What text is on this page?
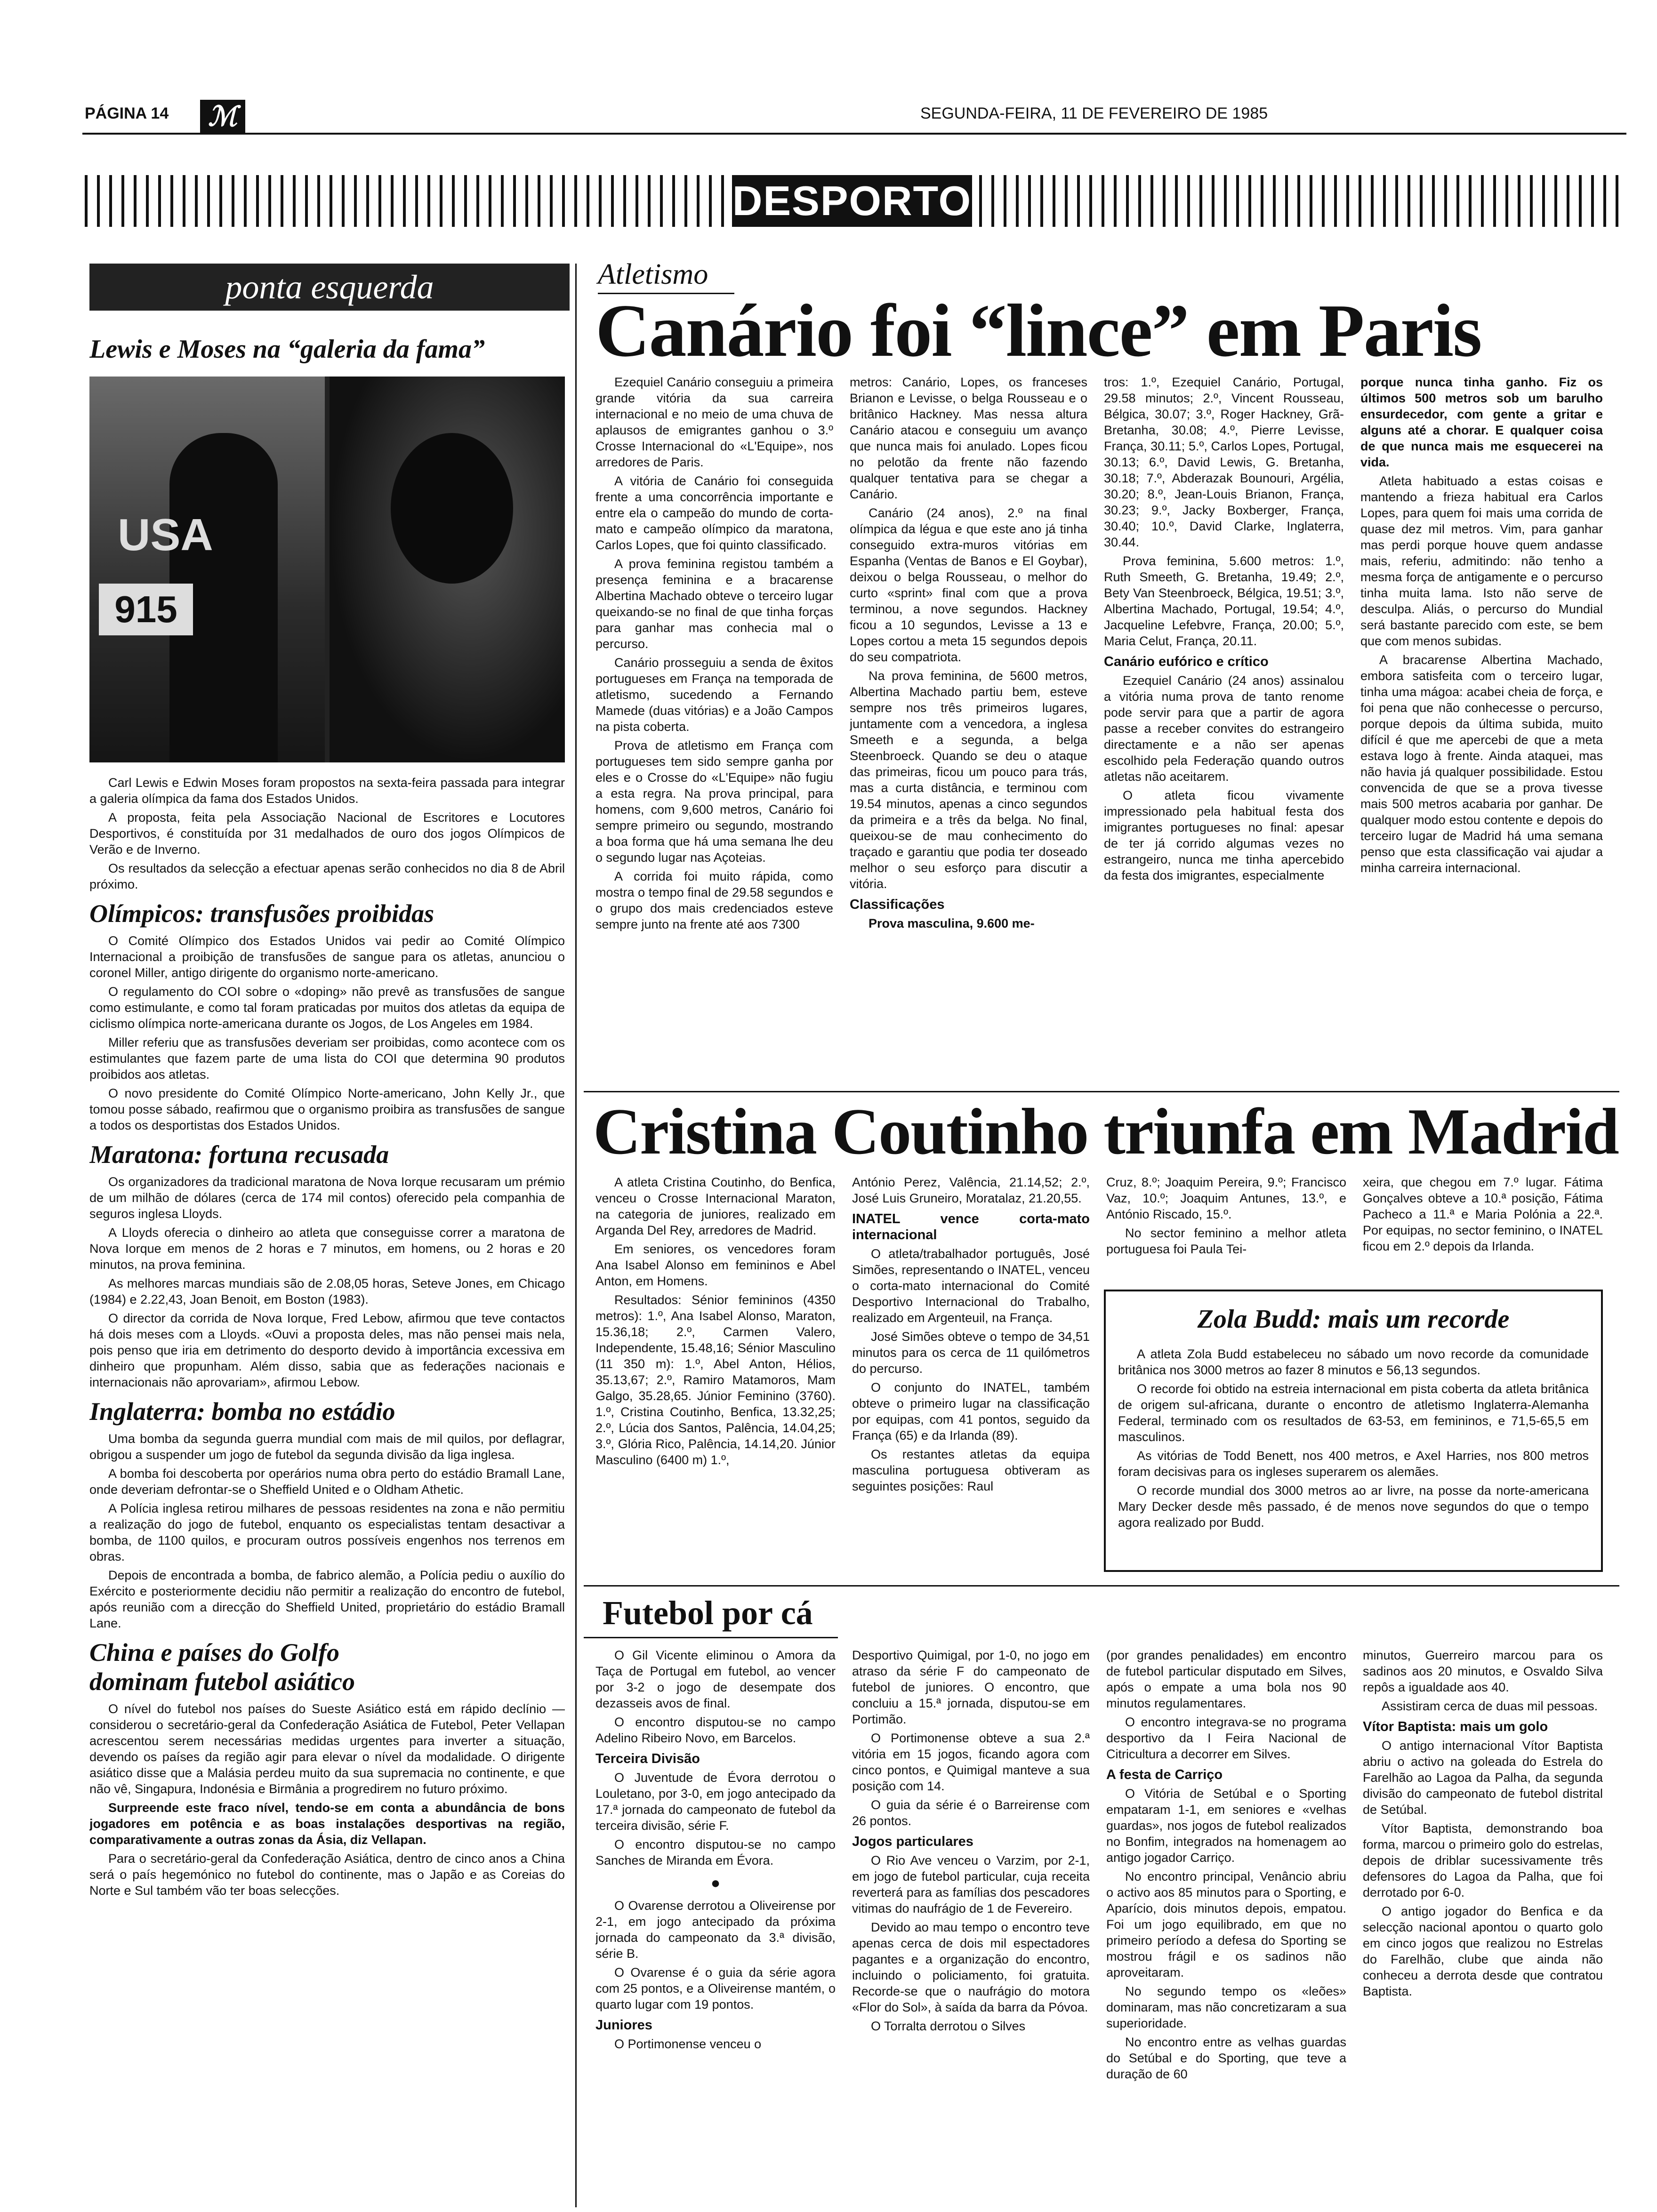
PÁGINA 14 ℳ	SEGUNDA-FEIRA, 11 DE FEVEREIRO DE 1985
DESPORTO
ponta esquerda
Lewis e Moses na “galeria da fama”
USA
915

Carl Lewis e Edwin Moses foram propostos na sexta-feira passada para integrar a galeria olímpica da fama dos Estados Unidos.

A proposta, feita pela Associação Nacional de Escritores e Locutores Desportivos, é constituída por 31 medalhados de ouro dos jogos Olímpicos de Verão e de Inverno.

Os resultados da selecção a efectuar apenas serão conhecidos no dia 8 de Abril próximo.

Olímpicos: transfusões proibidas

O Comité Olímpico dos Estados Unidos vai pedir ao Comité Olímpico Internacional a proibição de transfusões de sangue para os atletas, anunciou o coronel Miller, antigo dirigente do organismo norte-americano.

O regulamento do COI sobre o «doping» não prevê as transfusões de sangue como estimulante, e como tal foram praticadas por muitos dos atletas da equipa de ciclismo olímpica norte-americana durante os Jogos, de Los Angeles em 1984.

Miller referiu que as transfusões deveriam ser proibidas, como acontece com os estimulantes que fazem parte de uma lista do COI que determina 90 produtos proibidos aos atletas.

O novo presidente do Comité Olímpico Norte-americano, John Kelly Jr., que tomou posse sábado, reafirmou que o organismo proibira as transfusões de sangue a todos os desportistas dos Estados Unidos.

Maratona: fortuna recusada

Os organizadores da tradicional maratona de Nova Iorque recusaram um prémio de um milhão de dólares (cerca de 174 mil contos) oferecido pela companhia de seguros inglesa Lloyds.

A Lloyds oferecia o dinheiro ao atleta que conseguisse correr a maratona de Nova Iorque em menos de 2 horas e 7 minutos, em homens, ou 2 horas e 20 minutos, na prova feminina.

As melhores marcas mundiais são de 2.08,05 horas, Seteve Jones, em Chicago (1984) e 2.22,43, Joan Benoit, em Boston (1983).

O director da corrida de Nova Iorque, Fred Lebow, afirmou que teve contactos há dois meses com a Lloyds. «Ouvi a proposta deles, mas não pensei mais nela, pois penso que iria em detrimento do desporto devido à importância excessiva em dinheiro que propunham. Além disso, sabia que as federações nacionais e internacionais não aprovariam», afirmou Lebow.

Inglaterra: bomba no estádio

Uma bomba da segunda guerra mundial com mais de mil quilos, por deflagrar, obrigou a suspender um jogo de futebol da segunda divisão da liga inglesa.

A bomba foi descoberta por operários numa obra perto do estádio Bramall Lane, onde deveriam defrontar-se o Sheffield United e o Oldham Athetic.

A Polícia inglesa retirou milhares de pessoas residentes na zona e não permitiu a realização do jogo de futebol, enquanto os especialistas tentam desactivar a bomba, de 1100 quilos, e procuram outros possíveis engenhos nos terrenos em obras.

Depois de encontrada a bomba, de fabrico alemão, a Polícia pediu o auxílio do Exército e posteriormente decidiu não permitir a realização do encontro de futebol, após reunião com a direcção do Sheffield United, proprietário do estádio Bramall Lane.

China e países do Golfo
dominam futebol asiático

O nível do futebol nos países do Sueste Asiático está em rápido declínio — considerou o secretário-geral da Confederação Asiática de Futebol, Peter Vellapan acrescentou serem necessárias medidas urgentes para inverter a situação, devendo os países da região agir para elevar o nível da modalidade. O dirigente asiático disse que a Malásia perdeu muito da sua supremacia no continente, e que não vê, Singapura, Indonésia e Birmânia a progredirem no futuro próximo.

Surpreende este fraco nível, tendo-se em conta a abundância de bons jogadores em potência e as boas instalações desportivas na região, comparativamente a outras zonas da Ásia, diz Vellapan.

Para o secretário-geral da Confederação Asiática, dentro de cinco anos a China será o país hegemónico no futebol do continente, mas o Japão e as Coreias do Norte e Sul também vão ter boas selecções.

Atletismo
Canário foi “lince” em Paris

Ezequiel Canário conseguiu a primeira grande vitória da sua carreira internacional e no meio de uma chuva de aplausos de emigrantes ganhou o 3.º Crosse Internacional do «L'Equipe», nos arredores de Paris.

A vitória de Canário foi conseguida frente a uma concorrência importante e entre ela o campeão do mundo de corta-mato e campeão olímpico da maratona, Carlos Lopes, que foi quinto classificado.

A prova feminina registou também a presença feminina e a bracarense Albertina Machado obteve o terceiro lugar queixando-se no final de que tinha forças para ganhar mas conhecia mal o percurso.

Canário prosseguiu a senda de êxitos portugueses em França na temporada de atletismo, sucedendo a Fernando Mamede (duas vitórias) e a João Campos na pista coberta.

Prova de atletismo em França com portugueses tem sido sempre ganha por eles e o Crosse do «L'Equipe» não fugiu a esta regra. Na prova principal, para homens, com 9,600 metros, Canário foi sempre primeiro ou segundo, mostrando a boa forma que há uma semana lhe deu o segundo lugar nas Açoteias.

A corrida foi muito rápida, como mostra o tempo final de 29.58 segundos e o grupo dos mais credenciados esteve sempre junto na frente até aos 7300

metros: Canário, Lopes, os franceses Brianon e Levisse, o belga Rousseau e o britânico Hackney. Mas nessa altura Canário atacou e conseguiu um avanço que nunca mais foi anulado. Lopes ficou no pelotão da frente não fazendo qualquer tentativa para se chegar a Canário.

Canário (24 anos), 2.º na final olímpica da légua e que este ano já tinha conseguido extra-muros vitórias em Espanha (Ventas de Banos e El Goybar), deixou o belga Rousseau, o melhor do curto «sprint» final com que a prova terminou, a nove segundos. Hackney ficou a 10 segundos, Levisse a 13 e Lopes cortou a meta 15 segundos depois do seu compatriota.

Na prova feminina, de 5600 metros, Albertina Machado partiu bem, esteve sempre nos três primeiros lugares, juntamente com a vencedora, a inglesa Smeeth e a segunda, a belga Steenbroeck. Quando se deu o ataque das primeiras, ficou um pouco para trás, mas a curta distância, e terminou com 19.54 minutos, apenas a cinco segundos da primeira e a três da belga. No final, queixou-se de mau conhecimento do traçado e garantiu que podia ter doseado melhor o seu esforço para discutir a vitória.

Classificações

Prova masculina, 9.600 me-

tros: 1.º, Ezequiel Canário, Portugal, 29.58 minutos; 2.º, Vincent Rousseau, Bélgica, 30.07; 3.º, Roger Hackney, Grã-Bretanha, 30.08; 4.º, Pierre Levisse, França, 30.11; 5.º, Carlos Lopes, Portugal, 30.13; 6.º, David Lewis, G. Bretanha, 30.18; 7.º, Abderazak Bounouri, Argélia, 30.20; 8.º, Jean-Louis Brianon, França, 30.23; 9.º, Jacky Boxberger, França, 30.40; 10.º, David Clarke, Inglaterra, 30.44.

Prova feminina, 5.600 metros: 1.º, Ruth Smeeth, G. Bretanha, 19.49; 2.º, Bety Van Steenbroeck, Bélgica, 19.51; 3.º, Albertina Machado, Portugal, 19.54; 4.º, Jacqueline Lefebvre, França, 20.00; 5.º, Maria Celut, França, 20.11.

Canário eufórico e crítico

Ezequiel Canário (24 anos) assinalou a vitória numa prova de tanto renome pode servir para que a partir de agora passe a receber convites do estrangeiro directamente e a não ser apenas escolhido pela Federação quando outros atletas não aceitarem.

O atleta ficou vivamente impressionado pela habitual festa dos imigrantes portugueses no final: apesar de ter já corrido algumas vezes no estrangeiro, nunca me tinha apercebido da festa dos imigrantes, especialmente

porque nunca tinha ganho. Fiz os últimos 500 metros sob um barulho ensurdecedor, com gente a gritar e alguns até a chorar. E qualquer coisa de que nunca mais me esquecerei na vida.

Atleta habituado a estas coisas e mantendo a frieza habitual era Carlos Lopes, para quem foi mais uma corrida de quase dez mil metros. Vim, para ganhar mas perdi porque houve quem andasse mais, referiu, admitindo: não tenho a mesma força de antigamente e o percurso tinha muita lama. Isto não serve de desculpa. Aliás, o percurso do Mundial será bastante parecido com este, se bem que com menos subidas.

A bracarense Albertina Machado, embora satisfeita com o terceiro lugar, tinha uma mágoa: acabei cheia de força, e foi pena que não conhecesse o percurso, porque depois da última subida, muito difícil é que me apercebi de que a meta estava logo à frente. Ainda ataquei, mas não havia já qualquer possibilidade. Estou convencida de que se a prova tivesse mais 500 metros acabaria por ganhar. De qualquer modo estou contente e depois do terceiro lugar de Madrid há uma semana penso que esta classificação vai ajudar a minha carreira internacional.

Cristina Coutinho triunfa em Madrid

A atleta Cristina Coutinho, do Benfica, venceu o Crosse Internacional Maraton, na categoria de juniores, realizado em Arganda Del Rey, arredores de Madrid.

Em seniores, os vencedores foram Ana Isabel Alonso em femininos e Abel Anton, em Homens.

Resultados: Sénior femininos (4350 metros): 1.º, Ana Isabel Alonso, Maraton, 15.36,18; 2.º, Carmen Valero, Independente, 15.48,16; Sénior Masculino (11 350 m): 1.º, Abel Anton, Hélios, 35.13,67; 2.º, Ramiro Matamoros, Mam Galgo, 35.28,65. Júnior Feminino (3760). 1.º, Cristina Coutinho, Benfica, 13.32,25; 2.º, Lúcia dos Santos, Palência, 14.04,25; 3.º, Glória Rico, Palência, 14.14,20. Júnior Masculino (6400 m) 1.º,

António Perez, Valência, 21.14,52; 2.º, José Luis Gruneiro, Moratalaz, 21.20,55.

INATEL vence corta-mato internacional

O atleta/trabalhador português, José Simões, representando o INATEL, venceu o corta-mato internacional do Comité Desportivo Internacional do Trabalho, realizado em Argenteuil, na França.

José Simões obteve o tempo de 34,51 minutos para os cerca de 11 quilómetros do percurso.

O conjunto do INATEL, também obteve o primeiro lugar na classificação por equipas, com 41 pontos, seguido da França (65) e da Irlanda (89).

Os restantes atletas da equipa masculina portuguesa obtiveram as seguintes posições: Raul

Cruz, 8.º; Joaquim Pereira, 9.º; Francisco Vaz, 10.º; Joaquim Antunes, 13.º, e António Riscado, 15.º.

No sector feminino a melhor atleta portuguesa foi Paula Tei-

xeira, que chegou em 7.º lugar. Fátima Gonçalves obteve a 10.ª posição, Fátima Pacheco a 11.ª e Maria Polónia a 22.ª. Por equipas, no sector feminino, o INATEL ficou em 2.º depois da Irlanda.

Zola Budd: mais um recorde

A atleta Zola Budd estabeleceu no sábado um novo recorde da comunidade britânica nos 3000 metros ao fazer 8 minutos e 56,13 segundos.

O recorde foi obtido na estreia internacional em pista coberta da atleta britânica de origem sul-africana, durante o encontro de atletismo Inglaterra-Alemanha Federal, terminado com os resultados de 63-53, em femininos, e 71,5-65,5 em masculinos.

As vitórias de Todd Benett, nos 400 metros, e Axel Harries, nos 800 metros foram decisivas para os ingleses superarem os alemães.

O recorde mundial dos 3000 metros ao ar livre, na posse da norte-americana Mary Decker desde mês passado, é de menos nove segundos do que o tempo agora realizado por Budd.

Futebol por cá

O Gil Vicente eliminou o Amora da Taça de Portugal em futebol, ao vencer por 3-2 o jogo de desempate dos dezasseis avos de final.

O encontro disputou-se no campo Adelino Ribeiro Novo, em Barcelos.

Terceira Divisão

O Juventude de Évora derrotou o Louletano, por 3-0, em jogo antecipado da 17.ª jornada do campeonato de futebol da terceira divisão, série F.

O encontro disputou-se no campo Sanches de Miranda em Évora.

●

O Ovarense derrotou a Oliveirense por 2-1, em jogo antecipado da próxima jornada do campeonato da 3.ª divisão, série B.

O Ovarense é o guia da série agora com 25 pontos, e a Oliveirense mantém, o quarto lugar com 19 pontos.

Juniores

O Portimonense venceu o

Desportivo Quimigal, por 1-0, no jogo em atraso da série F do campeonato de futebol de juniores. O encontro, que concluiu a 15.ª jornada, disputou-se em Portimão.

O Portimonense obteve a sua 2.ª vitória em 15 jogos, ficando agora com cinco pontos, e Quimigal manteve a sua posição com 14.

O guia da série é o Barreirense com 26 pontos.

Jogos particulares

O Rio Ave venceu o Varzim, por 2-1, em jogo de futebol particular, cuja receita reverterá para as famílias dos pescadores vitimas do naufrágio de 1 de Fevereiro.

Devido ao mau tempo o encontro teve apenas cerca de dois mil espectadores pagantes e a organização do encontro, incluindo o policiamento, foi gratuita. Recorde-se que o naufrágio do motora «Flor do Sol», à saída da barra da Póvoa.

O Torralta derrotou o Silves

(por grandes penalidades) em encontro de futebol particular disputado em Silves, após o empate a uma bola nos 90 minutos regulamentares.

O encontro integrava-se no programa desportivo da I Feira Nacional de Citricultura a decorrer em Silves.

A festa de Carriço

O Vitória de Setúbal e o Sporting empataram 1-1, em seniores e «velhas guardas», nos jogos de futebol realizados no Bonfim, integrados na homenagem ao antigo jogador Carriço.

No encontro principal, Venâncio abriu o activo aos 85 minutos para o Sporting, e Aparício, dois minutos depois, empatou. Foi um jogo equilibrado, em que no primeiro período a defesa do Sporting se mostrou frágil e os sadinos não aproveitaram.

No segundo tempo os «leões» dominaram, mas não concretizaram a sua superioridade.

No encontro entre as velhas guardas do Setúbal e do Sporting, que teve a duração de 60

minutos, Guerreiro marcou para os sadinos aos 20 minutos, e Osvaldo Silva repôs a igualdade aos 40.

Assistiram cerca de duas mil pessoas.

Vítor Baptista: mais um golo

O antigo internacional Vítor Baptista abriu o activo na goleada do Estrela do Farelhão ao Lagoa da Palha, da segunda divisão do campeonato de futebol distrital de Setúbal.

Vítor Baptista, demonstrando boa forma, marcou o primeiro golo do estrelas, depois de driblar sucessivamente três defensores do Lagoa da Palha, que foi derrotado por 6-0.

O antigo jogador do Benfica e da selecção nacional apontou o quarto golo em cinco jogos que realizou no Estrelas do Farelhão, clube que ainda não conheceu a derrota desde que contratou Baptista.
